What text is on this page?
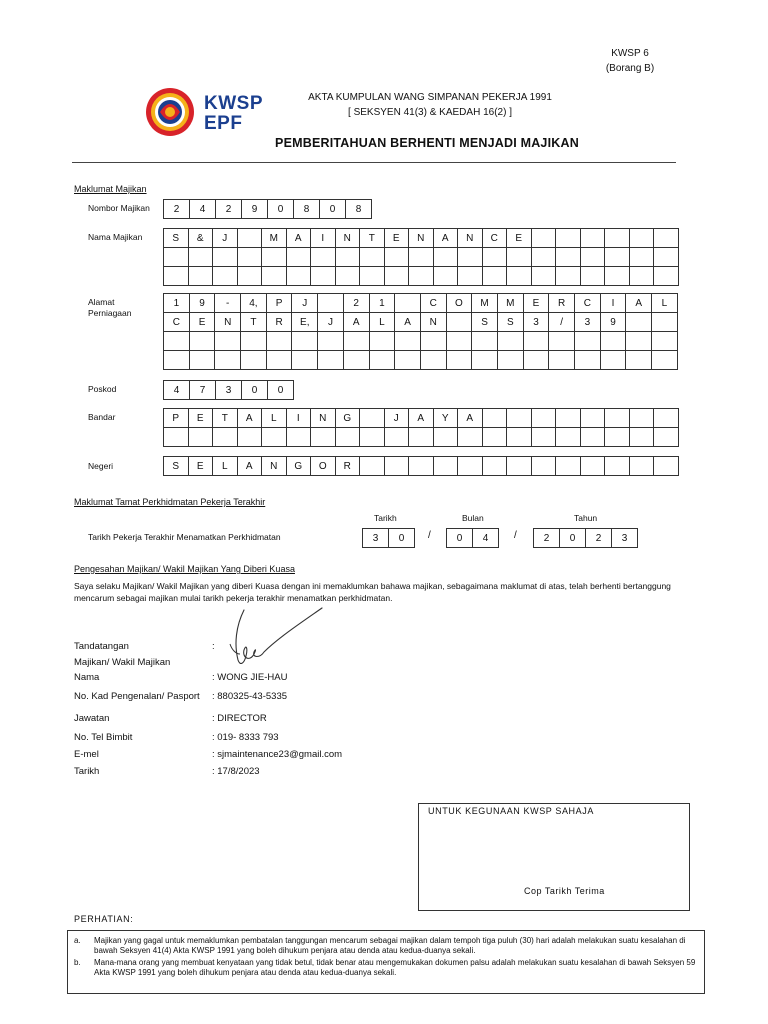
KWSP 6
(Borang B)
KWSP
EPF
AKTA KUMPULAN WANG SIMPANAN PEKERJA 1991
[ SEKSYEN 41(3) & KAEDAH 16(2) ]
PEMBERITAHUAN BERHENTI MENJADI MAJIKAN
Maklumat Majikan
Nombor Majikan	2	4	2	9	0	8	0	8
Nama Majikan	S	&	J	M	A	I	N	T	E	N	A	N	C	E
Alamat
Perniagaan
1	9	-	4,	P	J	2	1	C	O	M	M	E	R	C	I	A	L
C	E	N	T	R	E,	J	A	L	A	N	S	S	3	/	3	9
Poskod	4	7	3	0	0
Bandar	P	E	T	A	L	I	N	G	J	A	Y	A
Negeri	S	E	L	A	N	G	O	R
Maklumat Tamat Perkhidmatan Pekerja Terakhir
Tarikh	Bulan	Tahun
Tarikh Pekerja Terakhir Menamatkan Perkhidmatan	3	0	/	0	4	/	2	0	2	3
Pengesahan Majikan/ Wakil Majikan Yang Diberi Kuasa
Saya selaku Majikan/ Wakil Majikan yang diberi Kuasa dengan ini memaklumkan bahawa majikan, sebagaimana maklumat di atas, telah berhenti bertanggung mencarum sebagai majikan mulai tarikh pekerja terakhir menamatkan perkhidmatan.
Tandatangan
Majikan/ Wakil Majikan
:
Nama	: WONG JIE-HAU
No. Kad Pengenalan/ Pasport : 880325-43-5335
Jawatan	: DIRECTOR
No. Tel Bimbit	: 019- 8333 793
E-mel	: sjmaintenance23@gmail.com
Tarikh	: 17/8/2023
UNTUK KEGUNAAN KWSP SAHAJA
Cop Tarikh Terima
PERHATIAN:
a. Majikan yang gagal untuk memaklumkan pembatalan tanggungan mencarum sebagai majikan dalam tempoh tiga puluh (30) hari adalah melakukan suatu kesalahan di bawah Seksyen 41(4) Akta KWSP 1991 yang boleh dihukum penjara atau denda atau kedua-duanya sekali.
b. Mana-mana orang yang membuat kenyataan yang tidak betul, tidak benar atau mengemukakan dokumen palsu adalah melakukan suatu kesalahan di bawah Seksyen 59 Akta KWSP 1991 yang boleh dihukum penjara atau denda atau kedua-duanya sekali.
